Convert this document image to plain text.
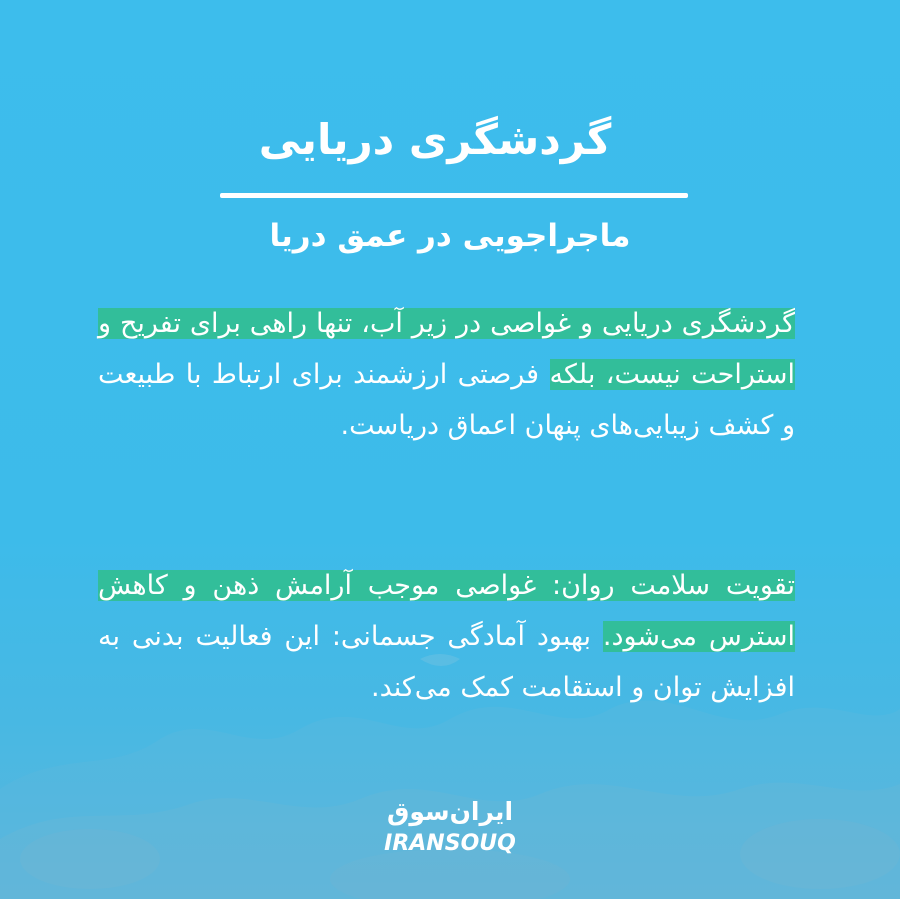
گردشگری دریایی
ماجراجویی در عمق دریا

گردشگری دریایی و غواصی در زیر آب، تنها راهی برای تفریح و استراحت نیست، بلکه فرصتی ارزشمند برای ارتباط با طبیعت و کشف زیبایی‌های پنهان اعماق دریاست.

تقویت سلامت روان: غواصی موجب آرامش ذهن و کاهش استرس می‌شود. بهبود آمادگی جسمانی: این فعالیت بدنی به افزایش توان و استقامت کمک می‌کند.

ایران‌سوق
IRANSOUQ
